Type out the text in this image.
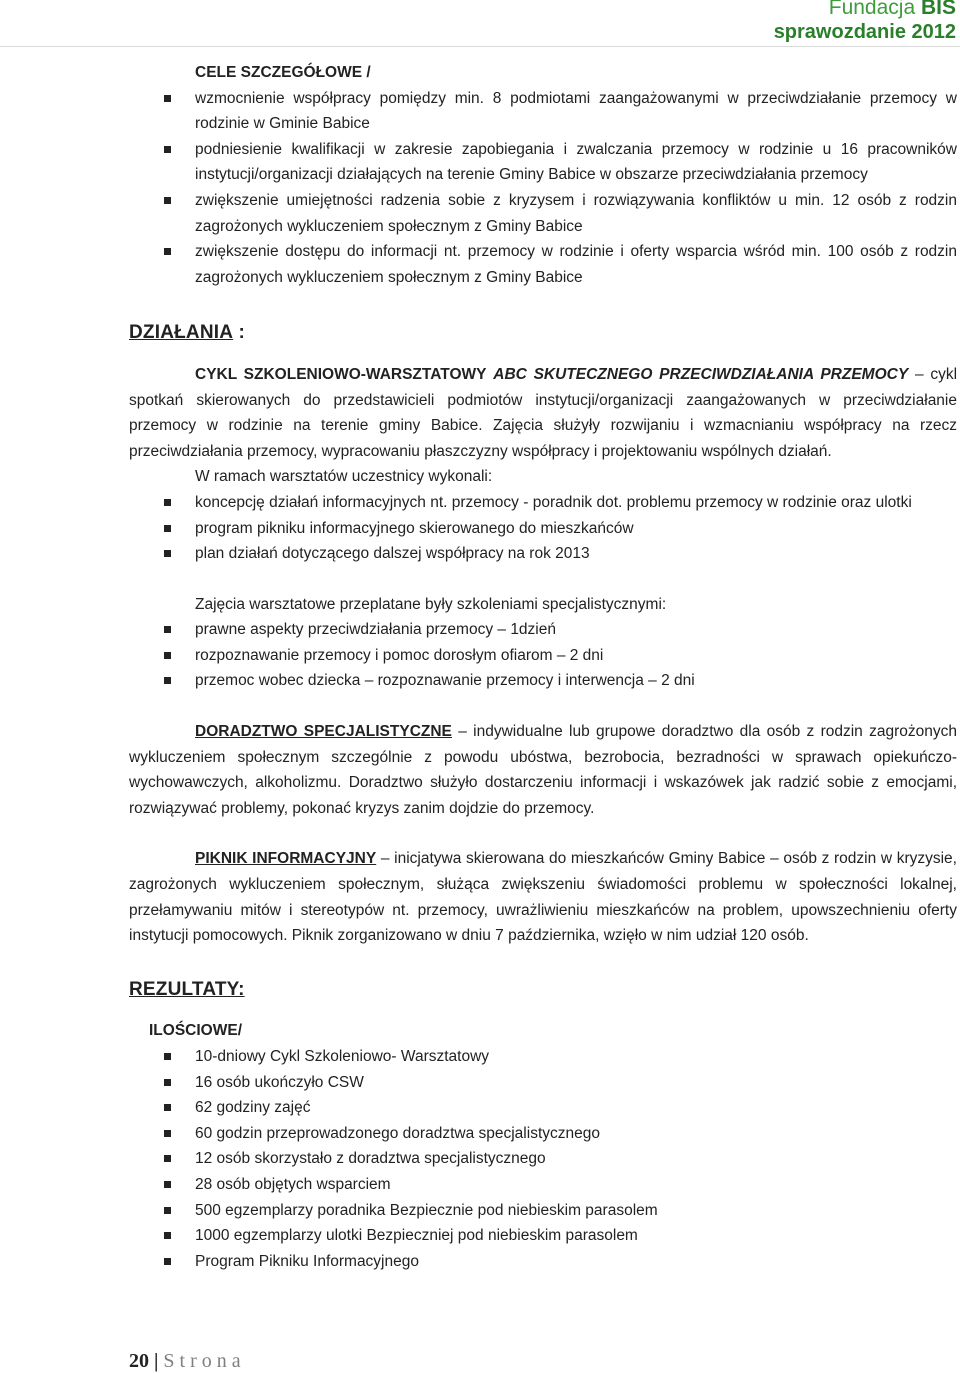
Fundacja BIS
sprawozdanie 2012
CELE SZCZEGÓŁOWE /
wzmocnienie współpracy pomiędzy min. 8 podmiotami zaangażowanymi w przeciwdziałanie przemocy w rodzinie w Gminie Babice
podniesienie kwalifikacji w zakresie zapobiegania i zwalczania przemocy w rodzinie u 16 pracowników instytucji/organizacji działających na terenie Gminy Babice w obszarze przeciwdziałania przemocy
zwiększenie umiejętności radzenia sobie z kryzysem i rozwiązywania konfliktów u min. 12 osób z rodzin zagrożonych wykluczeniem społecznym z Gminy Babice
zwiększenie dostępu do informacji nt. przemocy w rodzinie i oferty wsparcia wśród min. 100 osób z rodzin zagrożonych wykluczeniem społecznym z Gminy Babice
DZIAŁANIA :
CYKL SZKOLENIOWO-WARSZTATOWY ABC SKUTECZNEGO PRZECIWDZIAŁANIA PRZEMOCY – cykl spotkań skierowanych do przedstawicieli podmiotów instytucji/organizacji zaangażowanych w przeciwdziałanie przemocy w rodzinie na terenie gminy Babice. Zajęcia służyły rozwijaniu i wzmacnianiu współpracy na rzecz przeciwdziałania przemocy, wypracowaniu płaszczyzny współpracy i projektowaniu wspólnych działań.
W ramach warsztatów uczestnicy wykonali:
koncepcję działań informacyjnych nt. przemocy - poradnik dot. problemu przemocy w rodzinie oraz ulotki
program pikniku informacyjnego skierowanego do mieszkańców
plan działań dotyczącego dalszej współpracy na rok 2013
Zajęcia warsztatowe przeplatane były szkoleniami specjalistycznymi:
prawne aspekty przeciwdziałania przemocy – 1dzień
rozpoznawanie przemocy i pomoc dorosłym ofiarom – 2 dni
przemoc wobec dziecka – rozpoznawanie przemocy i interwencja – 2 dni
DORADZTWO SPECJALISTYCZNE – indywidualne lub grupowe doradztwo dla osób z rodzin zagrożonych wykluczeniem społecznym szczególnie z powodu ubóstwa, bezrobocia, bezradności w sprawach opiekuńczo-wychowawczych, alkoholizmu. Doradztwo służyło dostarczeniu informacji i wskazówek jak radzić sobie z emocjami, rozwiązywać problemy, pokonać kryzys zanim dojdzie do przemocy.
PIKNIK INFORMACYJNY – inicjatywa skierowana do mieszkańców Gminy Babice – osób z rodzin w kryzysie, zagrożonych wykluczeniem społecznym, służąca zwiększeniu świadomości problemu w społeczności lokalnej, przełamywaniu mitów i stereotypów nt. przemocy, uwrażliwieniu mieszkańców na problem, upowszechnieniu oferty instytucji pomocowych. Piknik zorganizowano w dniu 7 października, wzięło w nim udział 120 osób.
REZULTATY:
ILOŚCIOWE/
10-dniowy Cykl Szkoleniowo- Warsztatowy
16 osób ukończyło CSW
62 godziny zajęć
60 godzin przeprowadzonego doradztwa specjalistycznego
12 osób skorzystało z doradztwa specjalistycznego
28 osób objętych wsparciem
500 egzemplarzy poradnika Bezpiecznie pod niebieskim parasolem
1000 egzemplarzy ulotki Bezpieczniej pod niebieskim parasolem
Program Pikniku Informacyjnego
20 | Strona
